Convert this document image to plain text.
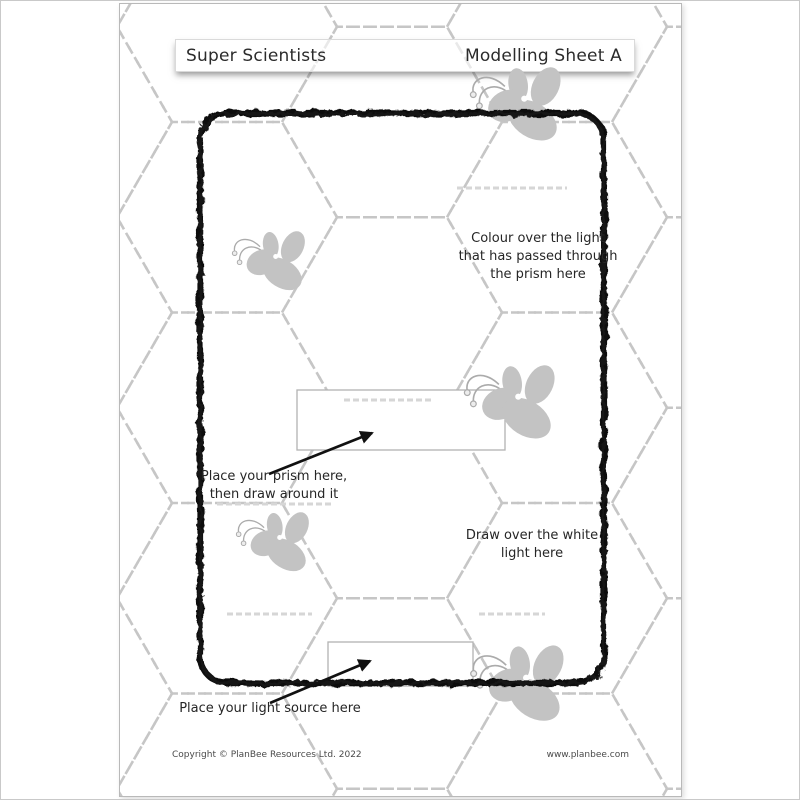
Super Scientists	Modelling Sheet A
Colour over the light
that has passed through
the prism here
Place your prism here,
then draw around it
Draw over the white
light here
Place your light source here
Copyright © PlanBee Resources Ltd. 2022	www.planbee.com
